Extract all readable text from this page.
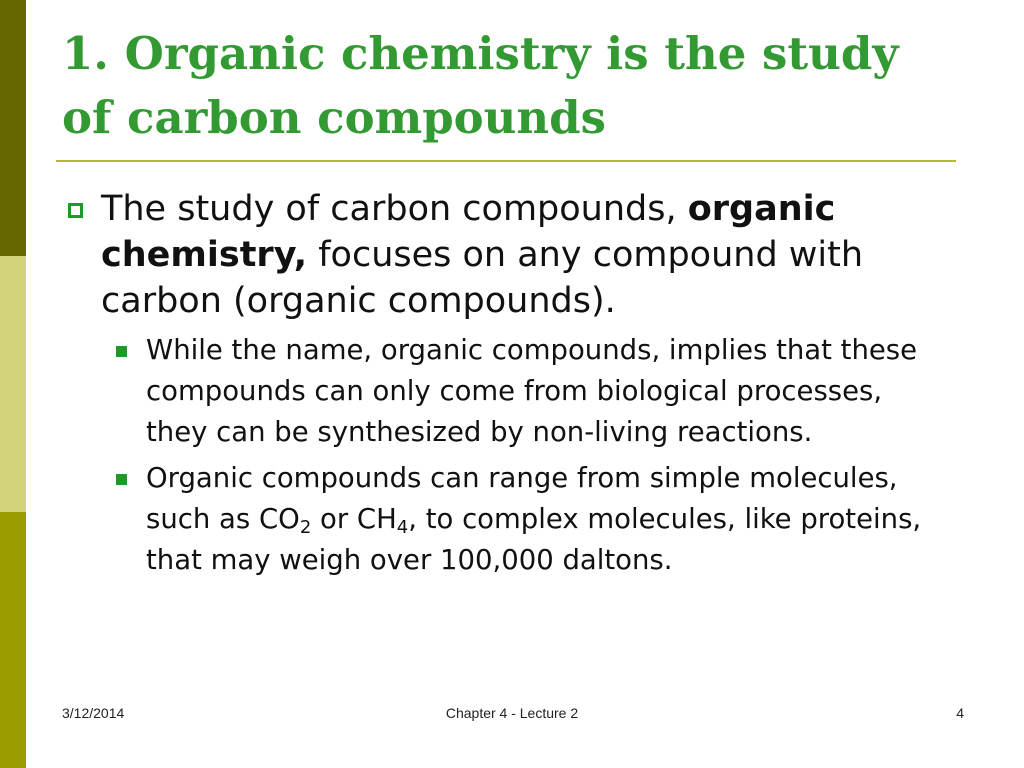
1. Organic chemistry is the study of carbon compounds
The study of carbon compounds, organic chemistry, focuses on any compound with carbon (organic compounds).
While the name, organic compounds, implies that these compounds can only come from biological processes, they can be synthesized by non-living reactions.
Organic compounds can range from simple molecules, such as $CO_2$ or $CH_4$, to complex molecules, like proteins, that may weigh over 100,000 daltons.
3/12/2014	Chapter 4 - Lecture 2	4
